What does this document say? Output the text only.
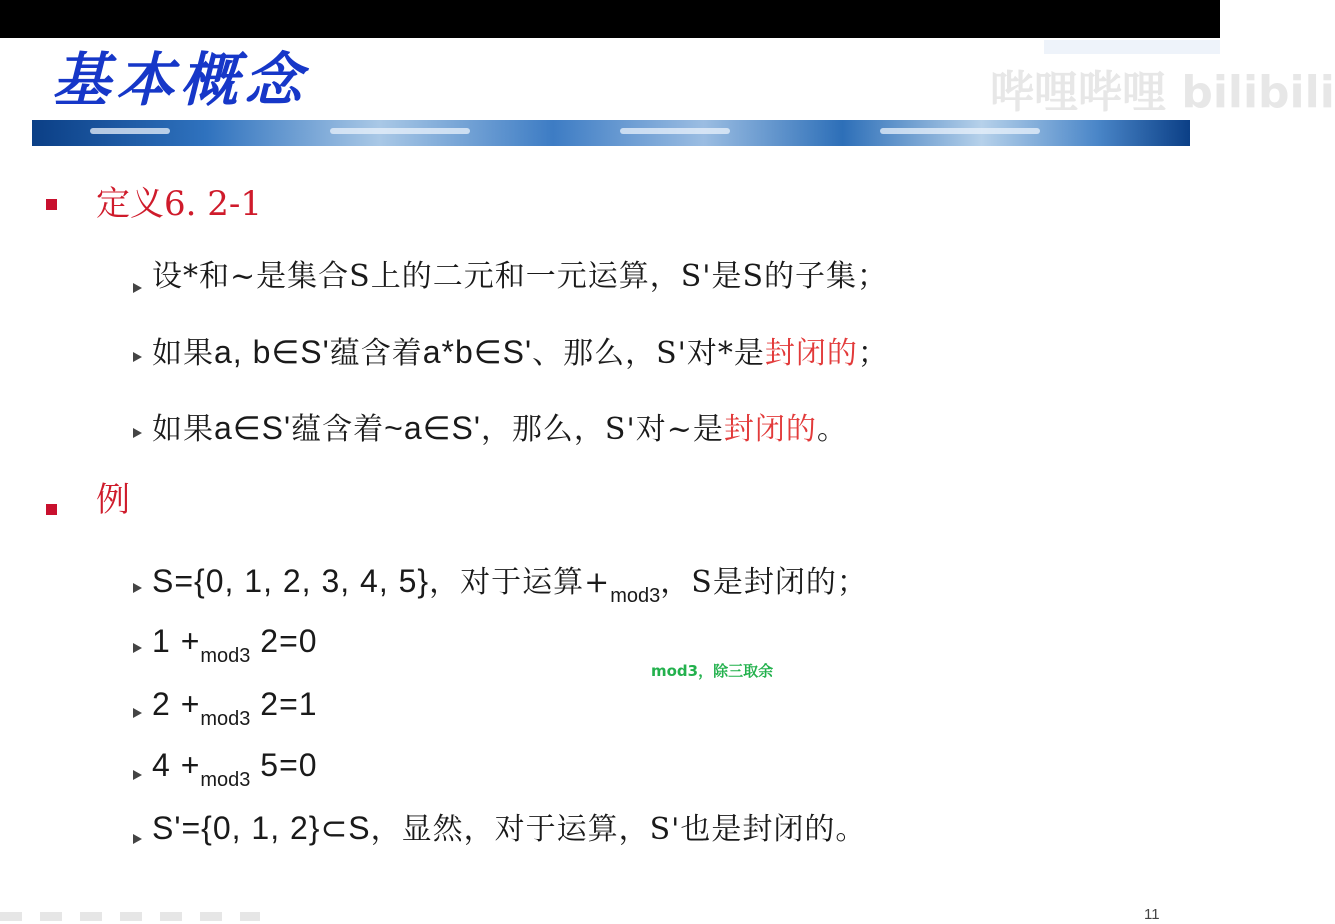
哔哩哔哩 bilibili
基本概念
定义6. 2-1
设*和~是集合S上的二元和一元运算，S'是S的子集；
如果a, b∈S'蕴含着a*b∈S'、那么，S'对*是封闭的；
如果a∈S'蕴含着~a∈S'，那么，S'对~是封闭的。
例
S={0, 1, 2, 3, 4, 5}，对于运算$+_{mod3}$，S是封闭的；
$1 +_{mod3}$ 2=0
mod3，除三取余
$2 +_{mod3}$ 2=1
$4 +_{mod3}$ 5=0
S'={0, 1, 2}⊂S，显然，对于运算，S'也是封闭的。
11
